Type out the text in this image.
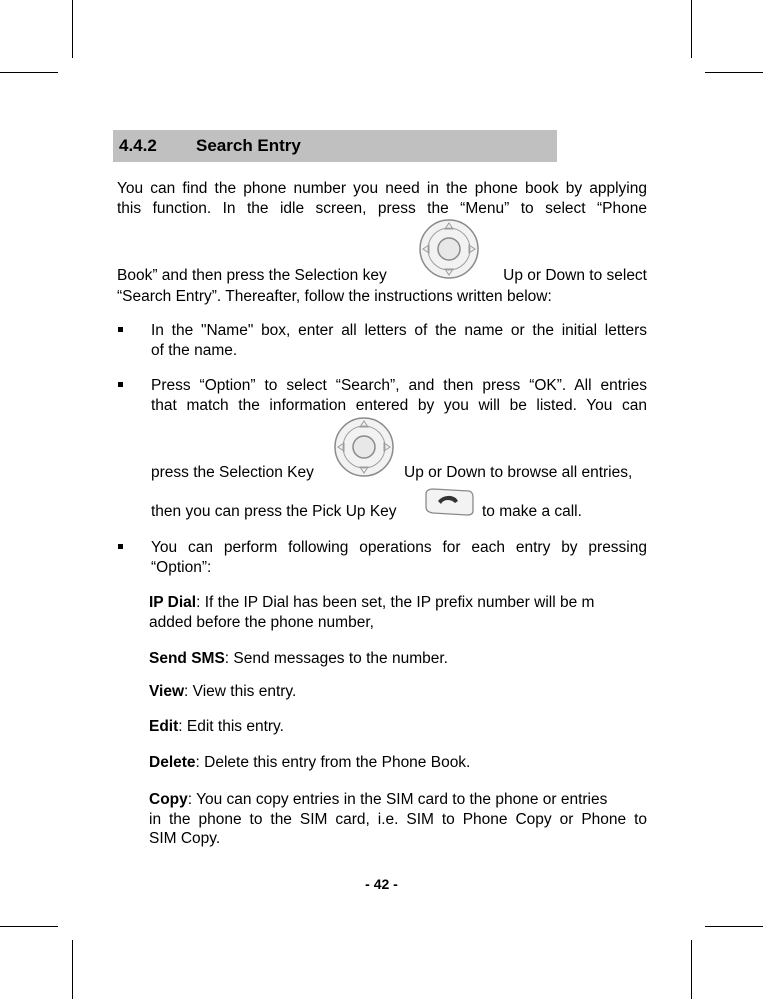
4.4.2 Search Entry
You can find the phone number you need in the phone book by applying
this function. In the idle screen, press the “Menu” to select “Phone
Book” and then press the Selection key	Up or Down to select
“Search Entry”. Thereafter, follow the instructions written below:
In the "Name" box, enter all letters of the name or the initial letters
of the name.
Press “Option” to select “Search”, and then press “OK”. All entries
that match the information entered by you will be listed. You can
press the Selection Key	Up or Down to browse all entries,
then you can press the Pick Up Key	to make a call.
You can perform following operations for each entry by pressing
“Option”:
IP Dial: If the IP Dial has been set, the IP prefix number will be m
added before the phone number,
Send SMS: Send messages to the number.
View: View this entry.
Edit: Edit this entry.
Delete: Delete this entry from the Phone Book.
Copy: You can copy entries in the SIM card to the phone or entries
in the phone to the SIM card, i.e. SIM to Phone Copy or Phone to
SIM Copy.
- 42 -
